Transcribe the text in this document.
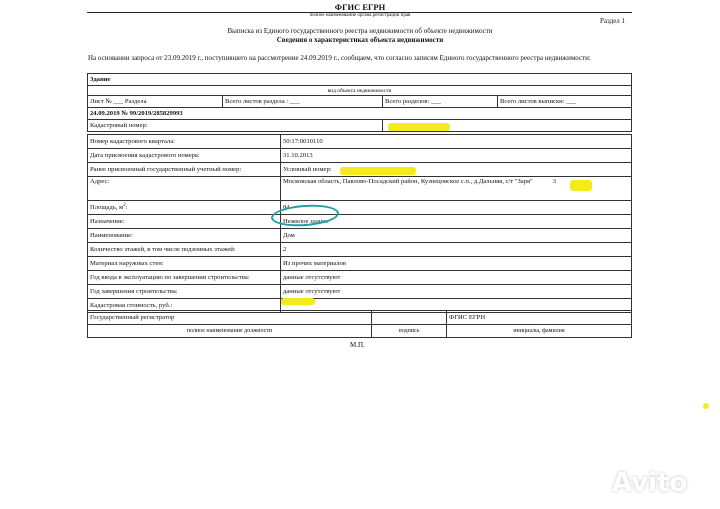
ФГИС ЕГРН
полное наименование органа регистрации прав
Раздел 1
Выписка из Единого государственного реестра недвижимости об объекте недвижимости
Сведения о характеристиках объекта недвижимости
На основании запроса от 23.09.2019 г., поступившего на рассмотрение 24.09.2019 г., сообщаем, что согласно записям Единого государственного реестра недвижимости:
Здание			
вид объекта недвижимости			
Лист № ___ Раздела	Всего листов раздела : ___	Всего разделов: ___	Всего листов выписки: ___
24.09.2019 № 99/2019/285829993			
Кадастровый номер:			
Номер кадастрового квартала:	50:17:0010110
Дата присвоения кадастрового номера:	31.10.2013
Ранее присвоенный государственный учетный номер:	Условный номер:
Адрес:	Московская область, Павлово-Посадский район, Кузнецовское с.п., д.Дальняя, с/т "Заря" 3
Площадь, $м^2$:	84
Назначение:	Нежилое здание
Наименование:	Дом
Количество этажей, в том числе подземных этажей:	2
Материал наружных стен:	Из прочих материалов
Год ввода в эксплуатацию по завершении строительства:	данные отсутствуют
Год завершения строительства:	данные отсутствуют
Кадастровая стоимость, руб.:	
Государственный регистратор		ФГИС ЕГРН
полное наименование должности	подпись	инициалы, фамилия
М.П.
Avito
